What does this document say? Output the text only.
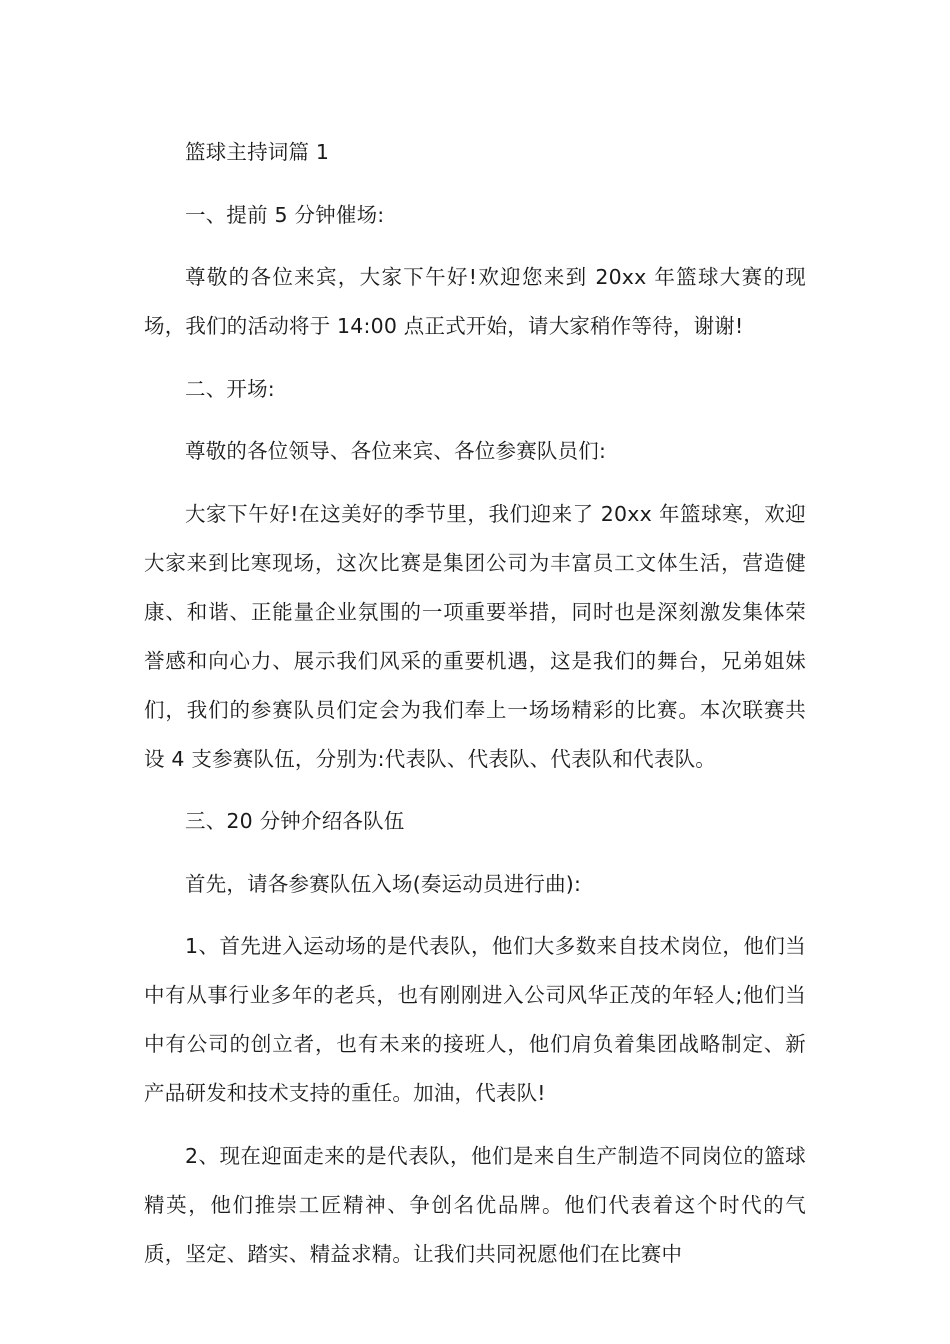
篮球主持词篇 1

一、提前 5 分钟催场:

尊敬的各位来宾，大家下午好!欢迎您来到 20xx 年篮球大赛的现场，我们的活动将于 14:00 点正式开始，请大家稍作等待，谢谢!

二、开场:

尊敬的各位领导、各位来宾、各位参赛队员们:

大家下午好!在这美好的季节里，我们迎来了 20xx 年篮球寒，欢迎大家来到比寒现场，这次比赛是集团公司为丰富员工文体生活，营造健康、和谐、正能量企业氛围的一项重要举措，同时也是深刻激发集体荣誉感和向心力、展示我们风采的重要机遇，这是我们的舞台，兄弟姐妹们，我们的参赛队员们定会为我们奉上一场场精彩的比赛。本次联赛共设 4 支参赛队伍，分别为:代表队、代表队、代表队和代表队。

三、20 分钟介绍各队伍

首先，请各参赛队伍入场(奏运动员进行曲):

1、首先进入运动场的是代表队，他们大多数来自技术岗位，他们当中有从事行业多年的老兵，也有刚刚进入公司风华正茂的年轻人;他们当中有公司的创立者，也有未来的接班人，他们肩负着集团战略制定、新产品研发和技术支持的重任。加油，代表队!

2、现在迎面走来的是代表队，他们是来自生产制造不同岗位的篮球精英，他们推崇工匠精神、争创名优品牌。他们代表着这个时代的气质，坚定、踏实、精益求精。让我们共同祝愿他们在比赛中
